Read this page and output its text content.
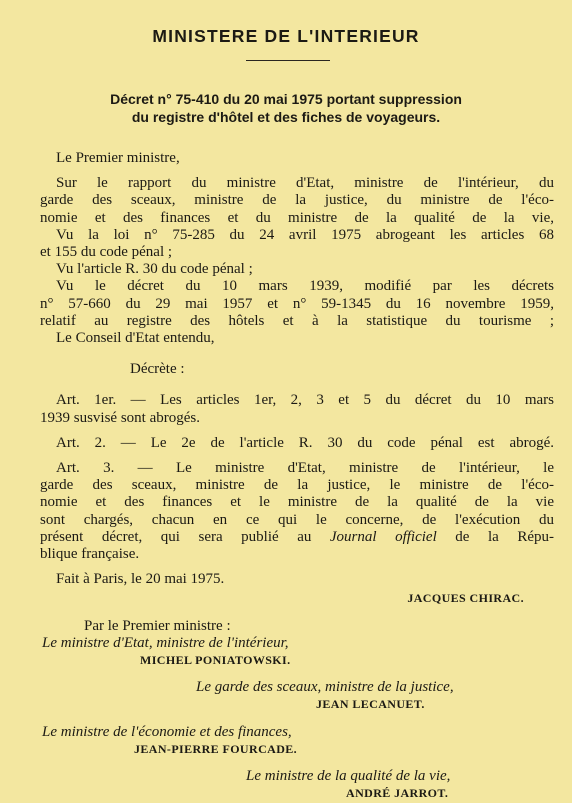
MINISTERE DE L'INTERIEUR
Décret n° 75-410 du 20 mai 1975 portant suppression
du registre d'hôtel et des fiches de voyageurs.
Le Premier ministre,
Sur le rapport du ministre d'Etat, ministre de l'intérieur, du
garde des sceaux, ministre de la justice, du ministre de l'éco-
nomie et des finances et du ministre de la qualité de la vie,
Vu la loi n° 75-285 du 24 avril 1975 abrogeant les articles 68
et 155 du code pénal ;
Vu l'article R. 30 du code pénal ;
Vu le décret du 10 mars 1939, modifié par les décrets
n° 57-660 du 29 mai 1957 et n° 59-1345 du 16 novembre 1959,
relatif au registre des hôtels et à la statistique du tourisme ;
Le Conseil d'Etat entendu,
Décrète :
Art. 1er. — Les articles 1er, 2, 3 et 5 du décret du 10 mars
1939 susvisé sont abrogés.
Art. 2. — Le 2e de l'article R. 30 du code pénal est abrogé.
Art. 3. — Le ministre d'Etat, ministre de l'intérieur, le
garde des sceaux, ministre de la justice, le ministre de l'éco-
nomie et des finances et le ministre de la qualité de la vie
sont chargés, chacun en ce qui le concerne, de l'exécution du
présent décret, qui sera publié au Journal officiel de la Répu-
blique française.
Fait à Paris, le 20 mai 1975.
JACQUES CHIRAC.
Par le Premier ministre :
Le ministre d'Etat, ministre de l'intérieur,
MICHEL PONIATOWSKI.
Le garde des sceaux, ministre de la justice,
JEAN LECANUET.
Le ministre de l'économie et des finances,
JEAN-PIERRE FOURCADE.
Le ministre de la qualité de la vie,
ANDRÉ JARROT.
